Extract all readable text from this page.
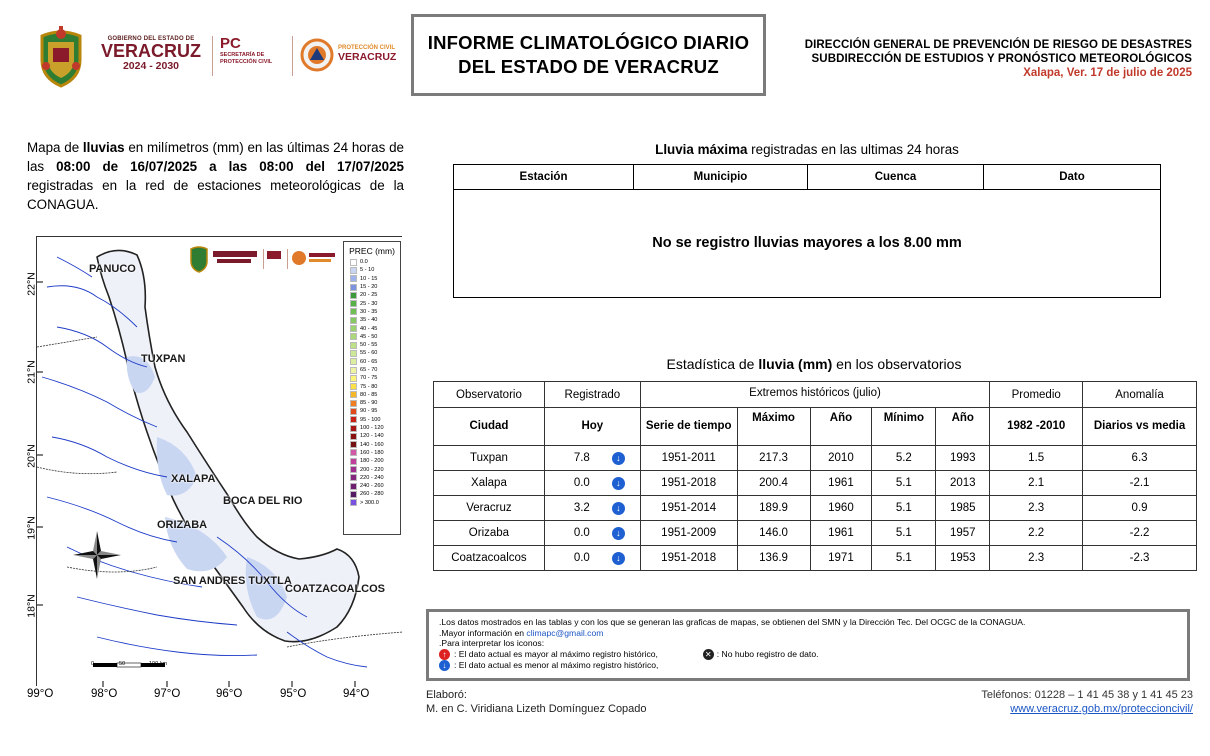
GOBIERNO DEL ESTADO DE
VERACRUZ
2024 - 2030
PC
SECRETARÍA DE
PROTECCIÓN CIVIL
PROTECCIÓN CIVIL
VERACRUZ
INFORME CLIMATOLÓGICO DIARIO
DEL ESTADO DE VERACRUZ
DIRECCIÓN GENERAL DE PREVENCIÓN DE RIESGO DE DESASTRES
SUBDIRECCIÓN DE ESTUDIOS Y PRONÓSTICO METEOROLÓGICOS
Xalapa, Ver. 17 de julio de 2025
Mapa de lluvias en milímetros (mm) en las últimas 24 horas de las 08:00 de 16/07/2025 a las 08:00 del 17/07/2025 registradas en la red de estaciones meteorológicas de la CONAGUA.
PREC (mm)
0.0
5 - 10
10 - 15
15 - 20
20 - 25
25 - 30
30 - 35
35 - 40
40 - 45
45 - 50
50 - 55
55 - 60
60 - 65
65 - 70
70 - 75
75 - 80
80 - 85
85 - 90
90 - 95
95 - 100
100 - 120
120 - 140
140 - 160
160 - 180
180 - 200
200 - 220
220 - 240
240 - 260
260 - 280
> 300.0
PANUCO
TUXPAN
XALAPA
BOCA DEL RIO
ORIZABA
SAN ANDRES TUXTLA
COATZACOALCOS
0	50	100 km
22°N
21°N
20°N
19°N
18°N
99°O	98°O	97°O	96°O	95°O	94°O
Lluvia máxima registradas en las ultimas 24 horas
Estación	Municipio	Cuenca	Dato
No se registro lluvias mayores a los 8.00 mm
Estadística de lluvia (mm) en los observatorios
Observatorio	Registrado	Extremos históricos (julio)					Promedio	Anomalía
Ciudad	Hoy	Serie de tiempo	Máximo	Año	Mínimo	Año	1982 -2010	Diarios vs media
Tuxpan	7.8 ↓	1951-2011	217.3	2010	5.2	1993	1.5	6.3
Xalapa	0.0 ↓	1951-2018	200.4	1961	5.1	2013	2.1	-2.1
Veracruz	3.2 ↓	1951-2014	189.9	1960	5.1	1985	2.3	0.9
Orizaba	0.0 ↓	1951-2009	146.0	1961	5.1	1957	2.2	-2.2
Coatzacoalcos	0.0 ↓	1951-2018	136.9	1971	5.1	1953	2.3	-2.3
.Los datos mostrados en las tablas y con los que se generan las graficas de mapas, se obtienen del SMN y la Dirección Tec. Del OCGC de la CONAGUA.
.Mayor información en climapc@gmail.com
.Para interpretar los iconos:
↑ : El dato actual es mayor al máximo registro histórico,	✕ : No hubo registro de dato.
↓ : El dato actual es menor al máximo registro histórico,
Elaboró:
M. en C. Viridiana Lizeth Domínguez Copado
Teléfonos: 01228 – 1 41 45 38 y 1 41 45 23
www.veracruz.gob.mx/proteccioncivil/
